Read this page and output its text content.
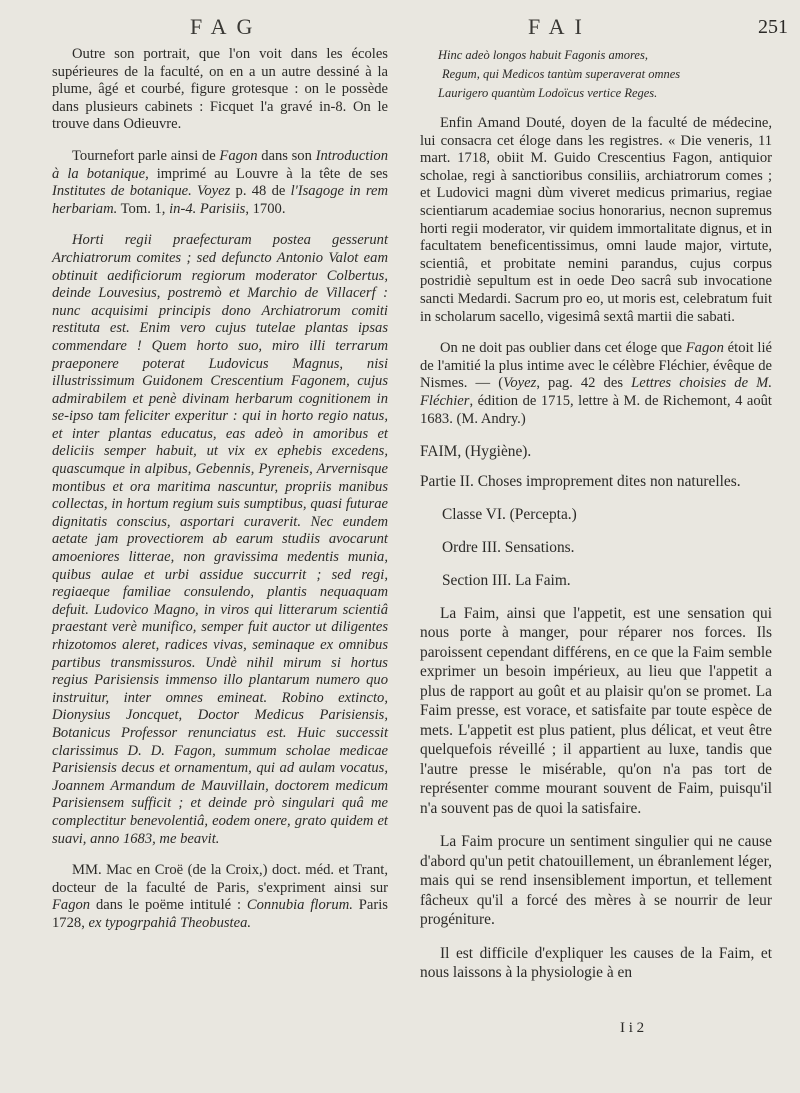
FAG	FAI	251

Outre son portrait, que l'on voit dans les écoles supérieures de la faculté, on en a un autre dessiné à la plume, âgé et courbé, figure grotesque : on le possède dans plusieurs cabinets : Ficquet l'a gravé in-8. On le trouve dans Odieuvre.

Tournefort parle ainsi de Fagon dans son Introduction à la botanique, imprimé au Louvre à la tête de ses Institutes de botanique. Voyez p. 48 de l'Isagoge in rem herbariam. Tom. 1, in-4. Parisiis, 1700.

Horti regii praefecturam postea gesserunt Archiatrorum comites ; sed defuncto Antonio Valot eam obtinuit aedificiorum regiorum moderator Colbertus, deinde Louvesius, postremò et Marchio de Villacerf : nunc acquisimi principis dono Archiatrorum comiti restituta est. Enim vero cujus tutelae plantas ipsas commendare ! Quem horto suo, miro illi terrarum praeponere poterat Ludovicus Magnus, nisi illustrissimum Guidonem Crescentium Fagonem, cujus admirabilem et penè divinam herbarum cognitionem in se-ipso tam feliciter experitur : qui in horto regio natus, et inter plantas educatus, eas adeò in amoribus et deliciis semper habuit, ut vix ex ephebis excedens, quascumque in alpibus, Gebennis, Pyreneis, Arvernisque montibus et ora maritima nascuntur, propriis manibus collectas, in hortum regium suis sumptibus, quasi futurae dignitatis conscius, asportari curaverit. Nec eundem aetate jam provectiorem ab earum studiis avocarunt amoeniores litterae, non gravissima medentis munia, quibus aulae et urbi assidue succurrit ; sed regi, regiaeque familiae consulendo, plantis nequaquam defuit. Ludovico Magno, in viros qui litterarum scientiâ praestant verè munifico, semper fuit auctor ut diligentes rhizotomos aleret, radices vivas, seminaque ex omnibus partibus transmissuros. Undè nihil mirum si hortus regius Parisiensis immenso illo plantarum numero quo instruitur, inter omnes emineat. Robino extincto, Dionysius Joncquet, Doctor Medicus Parisiensis, Botanicus Professor renunciatus est. Huic successit clarissimus D. D. Fagon, summum scholae medicae Parisiensis decus et ornamentum, qui ad aulam vocatus, Joannem Armandum de Mauvillain, doctorem medicum Parisiensem sufficit ; et deinde prò singulari quâ me complectitur benevolentiâ, eodem onere, grato quidem et suavi, anno 1683, me beavit.

MM. Mac en Croë (de la Croix,) doct. méd. et Trant, docteur de la faculté de Paris, s'expriment ainsi sur Fagon dans le poëme intitulé : Connubia florum. Paris 1728, ex typogrpahiâ Theobustea.

Hinc adeò longos habuit Fagonis amores,
Regum, qui Medicos tantùm superaverat omnes
Laurigero quantùm Lodoïcus vertice Reges.

Enfin Amand Douté, doyen de la faculté de médecine, lui consacra cet éloge dans les registres. « Die veneris, 11 mart. 1718, obiit M. Guido Crescentius Fagon, antiquior scholae, regi à sanctioribus consiliis, archiatrorum comes ; et Ludovici magni dùm viveret medicus primarius, regiae scientiarum academiae socius honorarius, necnon supremus horti regii moderator, vir quidem immortalitate dignus, et in facultatem beneficentissimus, omni laude major, virtute, scientiâ, et probitate nemini parandus, cujus corpus postridiè sepultum est in oede Deo sacrâ sub invocatione sancti Medardi. Sacrum pro eo, ut moris est, celebratum fuit in scholarum sacello, vigesimâ sextâ martii die sabati.

On ne doit pas oublier dans cet éloge que Fagon étoit lié de l'amitié la plus intime avec le célèbre Fléchier, évêque de Nismes. — (Voyez, pag. 42 des Lettres choisies de M. Fléchier, édition de 1715, lettre à M. de Richemont, 4 août 1683. (M. Andry.)

FAIM, (Hygiène).

Partie II. Choses improprement dites non naturelles.

Classe VI. (Percepta.)

Ordre III. Sensations.

Section III. La Faim.

La Faim, ainsi que l'appetit, est une sensation qui nous porte à manger, pour réparer nos forces. Ils paroissent cependant différens, en ce que la Faim semble exprimer un besoin impérieux, au lieu que l'appetit a plus de rapport au goût et au plaisir qu'on se promet. La Faim presse, est vorace, et satisfaite par toute espèce de mets. L'appetit est plus patient, plus délicat, et veut être quelquefois réveillé ; il appartient au luxe, tandis que l'autre presse le misérable, qu'on n'a pas tort de représenter comme mourant souvent de Faim, puisqu'il n'a souvent pas de quoi la satisfaire.

La Faim procure un sentiment singulier qui ne cause d'abord qu'un petit chatouillement, un ébranlement léger, mais qui se rend insensiblement importun, et tellement fâcheux qu'il a forcé des mères à se nourrir de leur progéniture.

Il est difficile d'expliquer les causes de la Faim, et nous laissons à la physiologie à en

I i 2
